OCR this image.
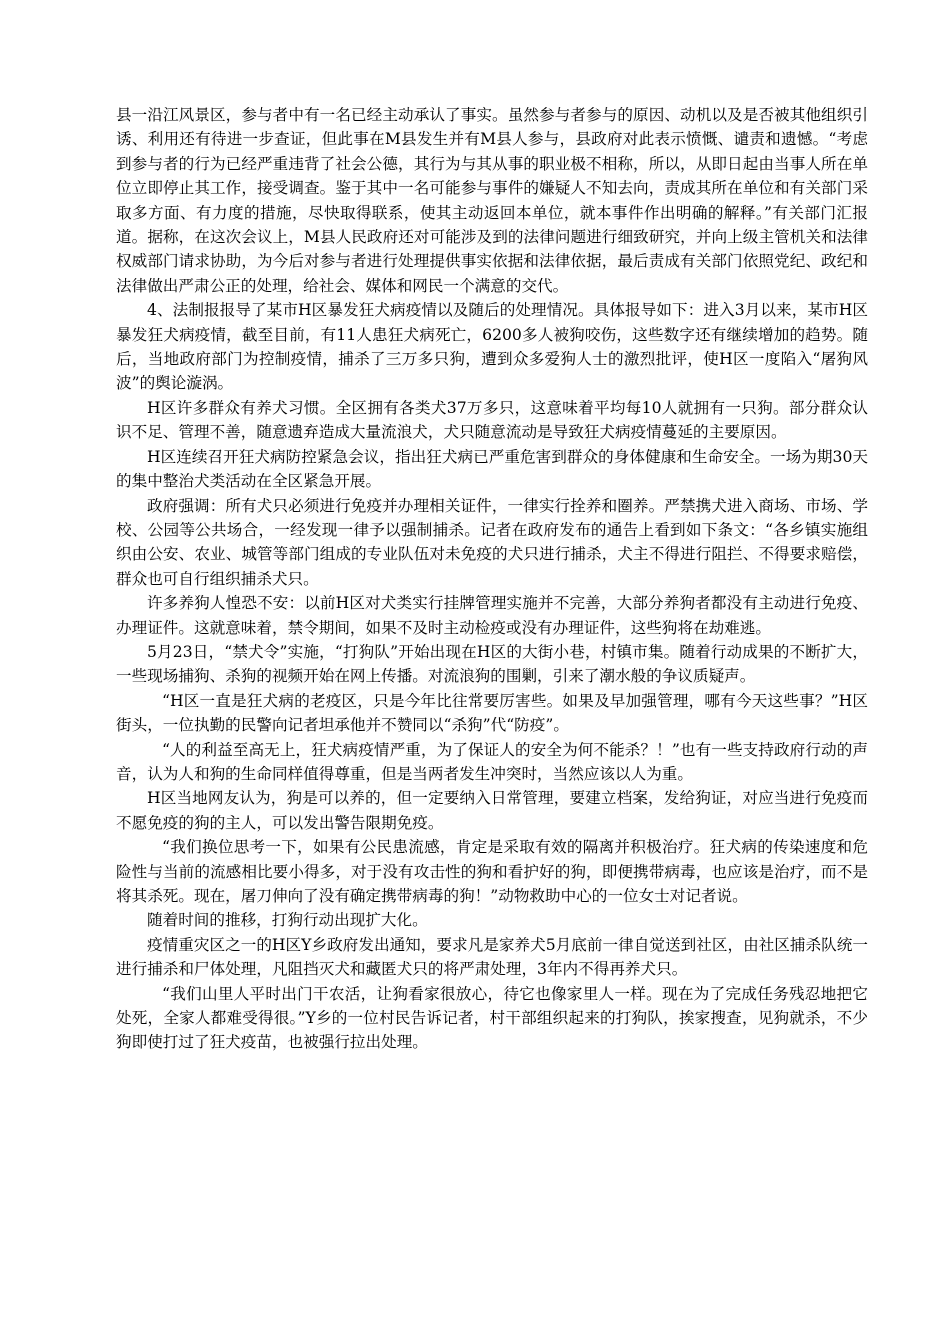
县一沿江风景区，参与者中有一名已经主动承认了事实。虽然参与者参与的原因、动机以及是否被其他组织引诱、利用还有待进一步查证，但此事在M县发生并有M县人参与，县政府对此表示愤慨、谴责和遗憾。“考虑到参与者的行为已经严重违背了社会公德，其行为与其从事的职业极不相称，所以，从即日起由当事人所在单位立即停止其工作，接受调查。鉴于其中一名可能参与事件的嫌疑人不知去向，责成其所在单位和有关部门采取多方面、有力度的措施，尽快取得联系，使其主动返回本单位，就本事件作出明确的解释。”有关部门汇报道。据称，在这次会议上，M县人民政府还对可能涉及到的法律问题进行细致研究，并向上级主管机关和法律权威部门请求协助，为今后对参与者进行处理提供事实依据和法律依据，最后责成有关部门依照党纪、政纪和法律做出严肃公正的处理，给社会、媒体和网民一个满意的交代。

4、法制报报导了某市H区暴发狂犬病疫情以及随后的处理情况。具体报导如下：进入3月以来，某市H区暴发狂犬病疫情，截至目前，有11人患狂犬病死亡，6200多人被狗咬伤，这些数字还有继续增加的趋势。随后，当地政府部门为控制疫情，捕杀了三万多只狗，遭到众多爱狗人士的激烈批评，使H区一度陷入“屠狗风波”的舆论漩涡。

H区许多群众有养犬习惯。全区拥有各类犬37万多只，这意味着平均每10人就拥有一只狗。部分群众认识不足、管理不善，随意遗弃造成大量流浪犬，犬只随意流动是导致狂犬病疫情蔓延的主要原因。

H区连续召开狂犬病防控紧急会议，指出狂犬病已严重危害到群众的身体健康和生命安全。一场为期30天的集中整治犬类活动在全区紧急开展。

政府强调：所有犬只必须进行免疫并办理相关证件，一律实行拴养和圈养。严禁携犬进入商场、市场、学校、公园等公共场合，一经发现一律予以强制捕杀。记者在政府发布的通告上看到如下条文：“各乡镇实施组织由公安、农业、城管等部门组成的专业队伍对未免疫的犬只进行捕杀，犬主不得进行阻拦、不得要求赔偿，群众也可自行组织捕杀犬只。

许多养狗人惶恐不安：以前H区对犬类实行挂牌管理实施并不完善，大部分养狗者都没有主动进行免疫、办理证件。这就意味着，禁令期间，如果不及时主动检疫或没有办理证件，这些狗将在劫难逃。

5月23日，“禁犬令”实施，“打狗队”开始出现在H区的大街小巷，村镇市集。随着行动成果的不断扩大，一些现场捕狗、杀狗的视频开始在网上传播。对流浪狗的围剿，引来了潮水般的争议质疑声。

“H区一直是狂犬病的老疫区，只是今年比往常要厉害些。如果及早加强管理，哪有今天这些事？”H区街头，一位执勤的民警向记者坦承他并不赞同以“杀狗”代“防疫”。

“人的利益至高无上，狂犬病疫情严重，为了保证人的安全为何不能杀？！”也有一些支持政府行动的声音，认为人和狗的生命同样值得尊重，但是当两者发生冲突时，当然应该以人为重。

H区当地网友认为，狗是可以养的，但一定要纳入日常管理，要建立档案，发给狗证，对应当进行免疫而不愿免疫的狗的主人，可以发出警告限期免疫。

“我们换位思考一下，如果有公民患流感，肯定是采取有效的隔离并积极治疗。狂犬病的传染速度和危险性与当前的流感相比要小得多，对于没有攻击性的狗和看护好的狗，即便携带病毒，也应该是治疗，而不是将其杀死。现在，屠刀伸向了没有确定携带病毒的狗！”动物救助中心的一位女士对记者说。

随着时间的推移，打狗行动出现扩大化。

疫情重灾区之一的H区Y乡政府发出通知，要求凡是家养犬5月底前一律自觉送到社区，由社区捕杀队统一进行捕杀和尸体处理，凡阻挡灭犬和藏匿犬只的将严肃处理，3年内不得再养犬只。

“我们山里人平时出门干农活，让狗看家很放心，待它也像家里人一样。现在为了完成任务残忍地把它处死，全家人都难受得很。”Y乡的一位村民告诉记者，村干部组织起来的打狗队，挨家搜查，见狗就杀，不少狗即使打过了狂犬疫苗，也被强行拉出处理。
